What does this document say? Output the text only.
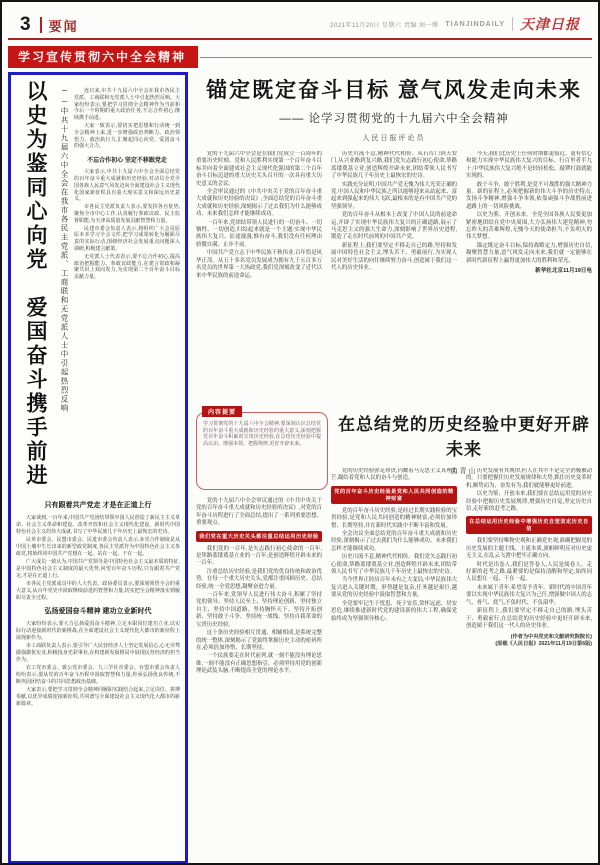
3 要闻	2021年11月20日 星期六 责编:刘一博 TIANJINDAILY 天津日报
学习宣传贯彻六中全会精神
以史为鉴同心向党　爱国奋斗携手前进	──中共十九届六中全会在我市各民主党派、工商联和无党派人士中引起热烈反响	连日来,中共十九届六中全会在我市各民主党派、工商联和无党派人士中引起热烈反响。大家纷纷表示,要把学习贯彻全会精神作为当前和今后一个时期的重大政治任务,不忘合作初心,继续携手前进。

大家一致表示,要切实把思想和行动统一到全会精神上来,进一步增强政治判断力、政治领悟力、政治执行力,汇聚起同心向党、爱国奋斗的强大合力。

不忘合作初心 坚定不移跟党走

大家表示,中共十九届六中全会全面总结党的百年奋斗重大成就和历史经验,对动员全党全国各族人民意气风发迈向全面建设社会主义现代化国家新征程具有重大现实意义和深远历史意义。

市各民主党派负责人表示,要发挥各自优势,聚焦全市中心工作,认真履行参政议政、民主监督职能,为天津高质量发展贡献智慧和力量。

民建市委会负责人表示,将组织广大会员原原本本学习全会文件,把学习成果转化为履职尽责的实际行动,围绕经济社会发展重点问题深入调研,积极建言献策。

无党派人士代表表示,要不忘合作初心,提高政治把握能力、参政议政能力,在建言资政和凝聚共识上双向发力,为实现第二个百年奋斗目标贡献力量。

只有跟着共产党走 才是在正道上行

大家谈到,一百年来,中国共产党团结带领中国人民创造了新民主主义革命、社会主义革命和建设、改革开放和社会主义现代化建设、新时代中国特色社会主义的伟大成就,书写了中华民族几千年历史上最恢宏的史诗。

民革市委会、民盟市委会、民进市委会负责人表示,多党合作制度是从中国土壤中生长出来的新型政党制度,各民主党派作为中国特色社会主义参政党,将始终同中国共产党想在一起、站在一起、干在一起。

广大成员一致认为,中国共产党领导是中国特色社会主义最本质的特征,是中国特色社会主义制度的最大优势,回望百年奋斗历程,只有跟着共产党走,才是在正道上行。

市各民主党派成员中的人大代表、政协委员表示,要深刻领悟全会的重大意义,从百年党史中汲取继续前进的智慧和力量,切实把全会精神落实到履职尽责全过程。

弘扬爱国奋斗精神 建功立业新时代

大家纷纷表示,要大力弘扬爱国奋斗精神,立足本职岗位建功立业,以实际行动迎接新时代的新挑战,在全面建设社会主义现代化大都市的新征程上展现新作为。

市工商联负责人表示,要引导广大民营经济人士坚定发展信心,心无旁骛做强做优实业,积极投身光彩事业,在构建新发展格局中展现民营经济的担当作为。

农工党市委会、致公党市委会、九三学社市委会、台盟市委会负责人纷纷表示,要从党的百年奋斗历程中汲取智慧和力量,传承弘扬优良传统,不断巩固团结奋斗的共同思想政治基础。

大家表示,要把学习贯彻全会精神同履职实践结合起来,立足岗位、拼搏奉献,以优异成绩迎接新征程,共同谱写全面建设社会主义现代化大都市的崭新篇章。

锚定既定奋斗目标 意气风发走向未来
—— 论学习贯彻党的十九届六中全会精神
人民日报评论员

党的十九届六中全会是在我们党成立一百周年的重要历史时刻、党和人民胜利实现第一个百年奋斗目标并向着全面建成社会主义现代化强国的第二个百年奋斗目标迈进的重大历史关头召开的一次具有重大历史意义的会议。

全会审议通过的《中共中央关于党的百年奋斗重大成就和历史经验的决议》,全面总结党的百年奋斗重大成就和历史经验,深刻揭示了过去我们为什么能够成功、未来我们怎样才能继续成功。

一百年来,党团结带领人民进行的一切奋斗、一切牺牲、一切创造,归结起来就是一个主题:实现中华民族伟大复兴。征途漫漫,惟有奋斗,我们没有任何理由骄傲自满、止步不前。

中国共产党立志于中华民族千秋伟业,百年恰是风华正茂。从五十多名党员发展成为拥有九千五百多万名党员的世界第一大执政党,我们党深刻改变了近代以来中华民族的前途命运。

历史川流不息,精神代代相传。从石库门到天安门,从兴业路到复兴路,我们党矢志践行初心使命,筚路蓝缕奠基立业,创造辉煌开辟未来,团结带领人民书写了中华民族几千年历史上最恢宏的史诗。

实践充分证明,中国共产党无愧为伟大光荣正确的党,中国人民和中华民族之所以能够迎来从站起来、富起来到强起来的伟大飞跃,最根本的是有中国共产党的坚强领导。

党的百年奋斗从根本上改变了中国人民的前途命运,开辟了实现中华民族伟大复兴的正确道路,展示了马克思主义的强大生命力,深刻影响了世界历史进程,锻造了走在时代前列的中国共产党。

新征程上,我们要坚定不移走自己的路,坚持和发展中国特色社会主义,埋头苦干、勇毅前行,为实现人民对美好生活的向往继续努力奋斗,创造属于我们这一代人的历史伟业。

今天,我们比历史上任何时期都更接近、更有信心和能力实现中华民族伟大复兴的目标。行百里者半九十,中华民族伟大复兴绝不是轻轻松松、敲锣打鼓就能实现的。

敢于斗争、敢于胜利,是党不可战胜的强大精神力量。新的征程上,必须把握新的伟大斗争的历史特点,发扬斗争精神,增强斗争本领,依靠顽强斗争战胜前进道路上的一切风险挑战。

以史为鉴、开创未来。全党全国各族人民要更加紧密地团结在党中央周围,大力弘扬伟大建党精神,勿忘昨天的苦难辉煌,无愧今天的使命担当,不负明天的伟大梦想。

锚定既定奋斗目标,保持战略定力,增强历史自信,凝聚智慧力量,意气风发走向未来,我们就一定能够在新时代新征程上赢得更加伟大的胜利和荣光。

新华社北京11月19日电
内容提要
学习贯彻党的十九届六中全会精神,要深刻认识总结党的百年奋斗重大成就和历史经验的重大意义,深刻把握党百年奋斗积累的宝贵历史经验,在总结历史经验中提高认识、增强本领、把握规律,更好开辟未来。
在总结党的历史经验中更好开辟未来
曲青山

党的十九届六中全会审议通过的《中共中央关于党的百年奋斗重大成就和历史经验的决议》,对党的百年奋斗历程进行了全面总结,提出了一系列重要思想、重要观点。

我们党在重大历史关头都注重总结运用历史经验

我们党的一百年,是矢志践行初心使命的一百年,是筚路蓝缕奠基立业的一百年,是创造辉煌开辟未来的一百年。

注重总结历史经验,是我们党的优良传统和政治优势。在每一个重大历史关头,党都注重回顾历史、总结经验,统一全党思想,凝聚奋进力量。

一百年来,党领导人民进行伟大奋斗,积累了坚持党的领导、坚持人民至上、坚持理论创新、坚持独立自主、坚持中国道路、坚持胸怀天下、坚持开拓创新、坚持敢于斗争、坚持统一战线、坚持自我革命的宝贵历史经验。

这十条历史经验相互贯通、相辅相成,是系统完整的统一整体,深刻揭示了党始终掌握历史主动的密码所在,必须倍加珍惜、长期坚持。

一个民族要走在时代前列,就一刻不能没有理论思维,一刻不能没有正确思想指引。必须坚持用党的创新理论武装头脑,不断提高全党的理论水平。

党的历史经验弥足珍贵,闪耀着马克思主义真理光芒,凝结着党和人民的奋斗与创造。

党的百年奋斗历史经验是党和人民共同创造的精神财富

党的百年奋斗历史经验,是经过长期实践检验的宝贵经验,是党和人民共同创造的精神财富,必须倍加珍惜、长期坚持,并在新时代实践中不断丰富和发展。

全会决议全面总结党的百年奋斗重大成就和历史经验,深刻揭示了过去我们为什么能够成功、未来我们怎样才能继续成功。

历史川流不息,精神代代相传。我们党矢志践行初心使命,筚路蓝缕奠基立业,创造辉煌开辟未来,团结带领人民书写了中华民族几千年历史上最恢宏的史诗。

当今世界正经历百年未有之大变局,中华民族伟大复兴进入关键时期。形势越是复杂,任务越是艰巨,越要从党的历史经验中汲取智慧和力量。

全党要牢记生于忧患、死于安乐,常怀远虑、居安思危,继续推进新时代党的建设新的伟大工程,确保党始终成为坚强领导核心。

历史发展有其规律,但人在其中不是完全消极被动的。只要把握住历史发展规律和大势,抓住历史变革时机,顺势而为、奋发有为,我们就能够更好前进。

以史为鉴、开创未来,我们要在总结运用党的历史经验中把握历史发展规律,增强历史自觉,坚定历史自信,走好新的赶考之路。

在总结运用历史经验中增强历史自觉坚定历史自信

我们要坚持唯物史观和正确党史观,准确把握党的历史发展的主题主线、主流本质,旗帜鲜明反对历史虚无主义,在乱云飞渡中把牢正确方向。

时代是出卷人,我们是答卷人,人民是阅卷人。走好新的赶考之路,最紧要的是保持清醒和坚定,始终同人民想在一起、干在一起。

未来属于青年,希望寄予青年。新时代的中国青年要以实现中华民族伟大复兴为己任,增强做中国人的志气、骨气、底气,不负时代、不负韶华。

新征程上,我们要坚定不移走自己的路,埋头苦干、勇毅前行,在总结党的历史经验中更好开辟未来,创造属于我们这一代人的历史伟业。

(作者为中央党史和文献研究院院长)
(原载《人民日报》2021年11月19日第6版)
